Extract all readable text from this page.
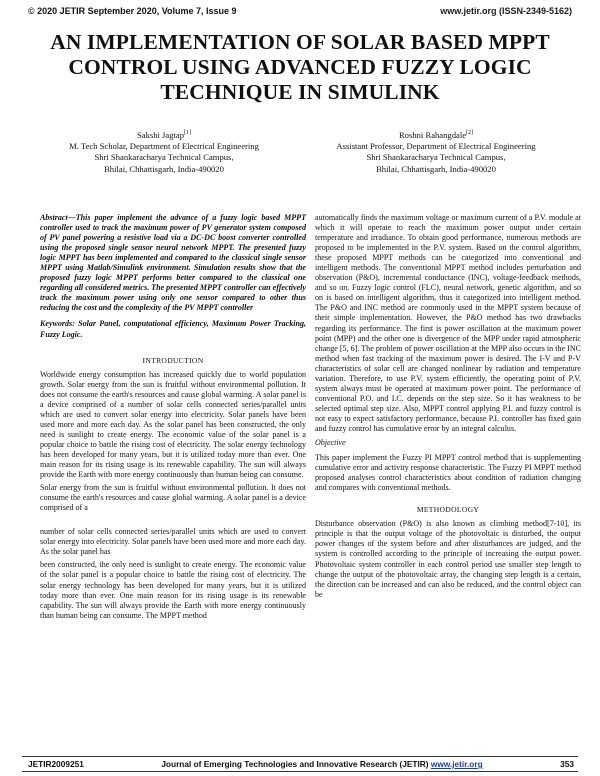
© 2020 JETIR September 2020, Volume 7, Issue 9	www.jetir.org (ISSN-2349-5162)
AN IMPLEMENTATION OF SOLAR BASED MPPT CONTROL USING ADVANCED FUZZY LOGIC TECHNIQUE IN SIMULINK
Sakshi Jagtap[1]
M. Tech Scholar, Department of Electrical Engineering
Shri Shankaracharya Technical Campus,
Bhilai, Chhattisgarh, India-490020
Roshni Rahangdale[2]
Assistant Professor, Department of Electrical Engineering
Shri Shankaracharya Technical Campus,
Bhilai, Chhattisgarh, India-490020

Abstract—This paper implement the advance of a fuzzy logic based MPPT controller used to track the maximum power of PV generator system composed of PV panel powering a resistive load via a DC-DC boost converter controlled using the proposed single sensor neural network MPPT. The presented fuzzy logic MPPT has been implemented and compared to the classical single sensor MPPT using Matlab/Simulink environment. Simulation results show that the proposed fuzzy logic MPPT performs better compared to the classical one regarding all considered metrics. The presented MPPT controller can effectively track the maximum power using only one sensor compared to other thus reducing the cost and the complexity of the PV MPPT controller

Keywords: Solar Panel, computational efficiency, Maximum Power Tracking, Fuzzy Logic.

INTRODUCTION

Worldwide energy consumption has increased quickly due to world population growth. Solar energy from the sun is fruitful without environmental pollution. It does not consume the earth's resources and cause global warming. A solar panel is a device comprised of a number of solar cells connected series/parallel units which are used to convert solar energy into electricity. Solar panels have been used more and more each day. As the solar panel has been constructed, the only need is sunlight to create energy. The economic value of the solar panel is a popular choice to battle the rising cost of electricity. The solar energy technology has been developed for many years, but it is utilized today more than ever. One main reason for its rising usage is its renewable capability. The sun will always provide the Earth with more energy continuously than human being can consume.

Solar energy from the sun is fruitful without environmental pollution. It does not consume the earth's resources and cause global warming. A solar panel is a device comprised of a

number of solar cells connected series/parallel units which are used to convert solar energy into electricity. Solar panels have been used more and more each day. As the solar panel has

been constructed, the only need is sunlight to create energy. The economic value of the solar panel is a popular choice to battle the rising cost of electricity. The solar energy technology has been developed for many years, but it is utilized today more than ever. One main reason for its rising usage is its renewable capability. The sun will always provide the Earth with more energy continuously than human being can consume. The MPPT method

automatically finds the maximum voltage or maximum current of a P.V. module at which it will operate to reach the maximum power output under certain temperature and irradiance. To obtain good performance, numerous methods are proposed to be implemented in the P.V. system. Based on the control algorithm, these proposed MPPT methods can be categorized into conventional and intelligent methods. The conventional MPPT method includes perturbation and observation (P&O), incremental conductance (INC), voltage-feedback methods, and so on. Fuzzy logic control (FLC), neural network, genetic algorithm, and so on is based on intelligent algorithm, thus it categorized into intelligent method. The P&O and INC method are commonly used in the MPPT system because of their simple implementation. However, the P&O method has two drawbacks regarding its performance. The first is power oscillation at the maximum power point (MPP) and the other one is divergence of the MPP under rapid atmospheric change [5, 6]. The problem of power oscillation at the MPP also occurs in the INC method when fast tracking of the maximum power is desired. The I-V and P-V characteristics of solar cell are changed nonlinear by radiation and temperature variation. Therefore, to use P.V. system efficiently, the operating point of P.V. system always must be operated at maximum power point. The performance of conventional P.O. and I.C. depends on the step size. So it has weakness to be selected optimal step size. Also, MPPT control applying P.I. and fuzzy control is not easy to expect satisfactory performance, because P.I. controller has fixed gain and fuzzy control has cumulative error by an integral calculus.

Objective

This paper implement the Fuzzy PI MPPT control method that is supplementing cumulative error and activity response characteristic. The Fuzzy PI MPPT method proposed analyses control characteristics about condition of radiation changing and compares with conventional methods.

METHODOLOGY

Disturbance observation (P&O) is also known as climbing method[7-10], its principle is that the output voltage of the photovoltaic is disturbed, the output power changes of the system before and after disturbances are judged, and the system is controlled according to the principle of increasing the output power. Photovoltaic system controller in each control period use smaller step length to change the output of the photovoltaic array, the changing step length is a certain, the direction can be increased and can also be reduced, and the control object can be

JETIR2009251	Journal of Emerging Technologies and Innovative Research (JETIR) www.jetir.org	353
